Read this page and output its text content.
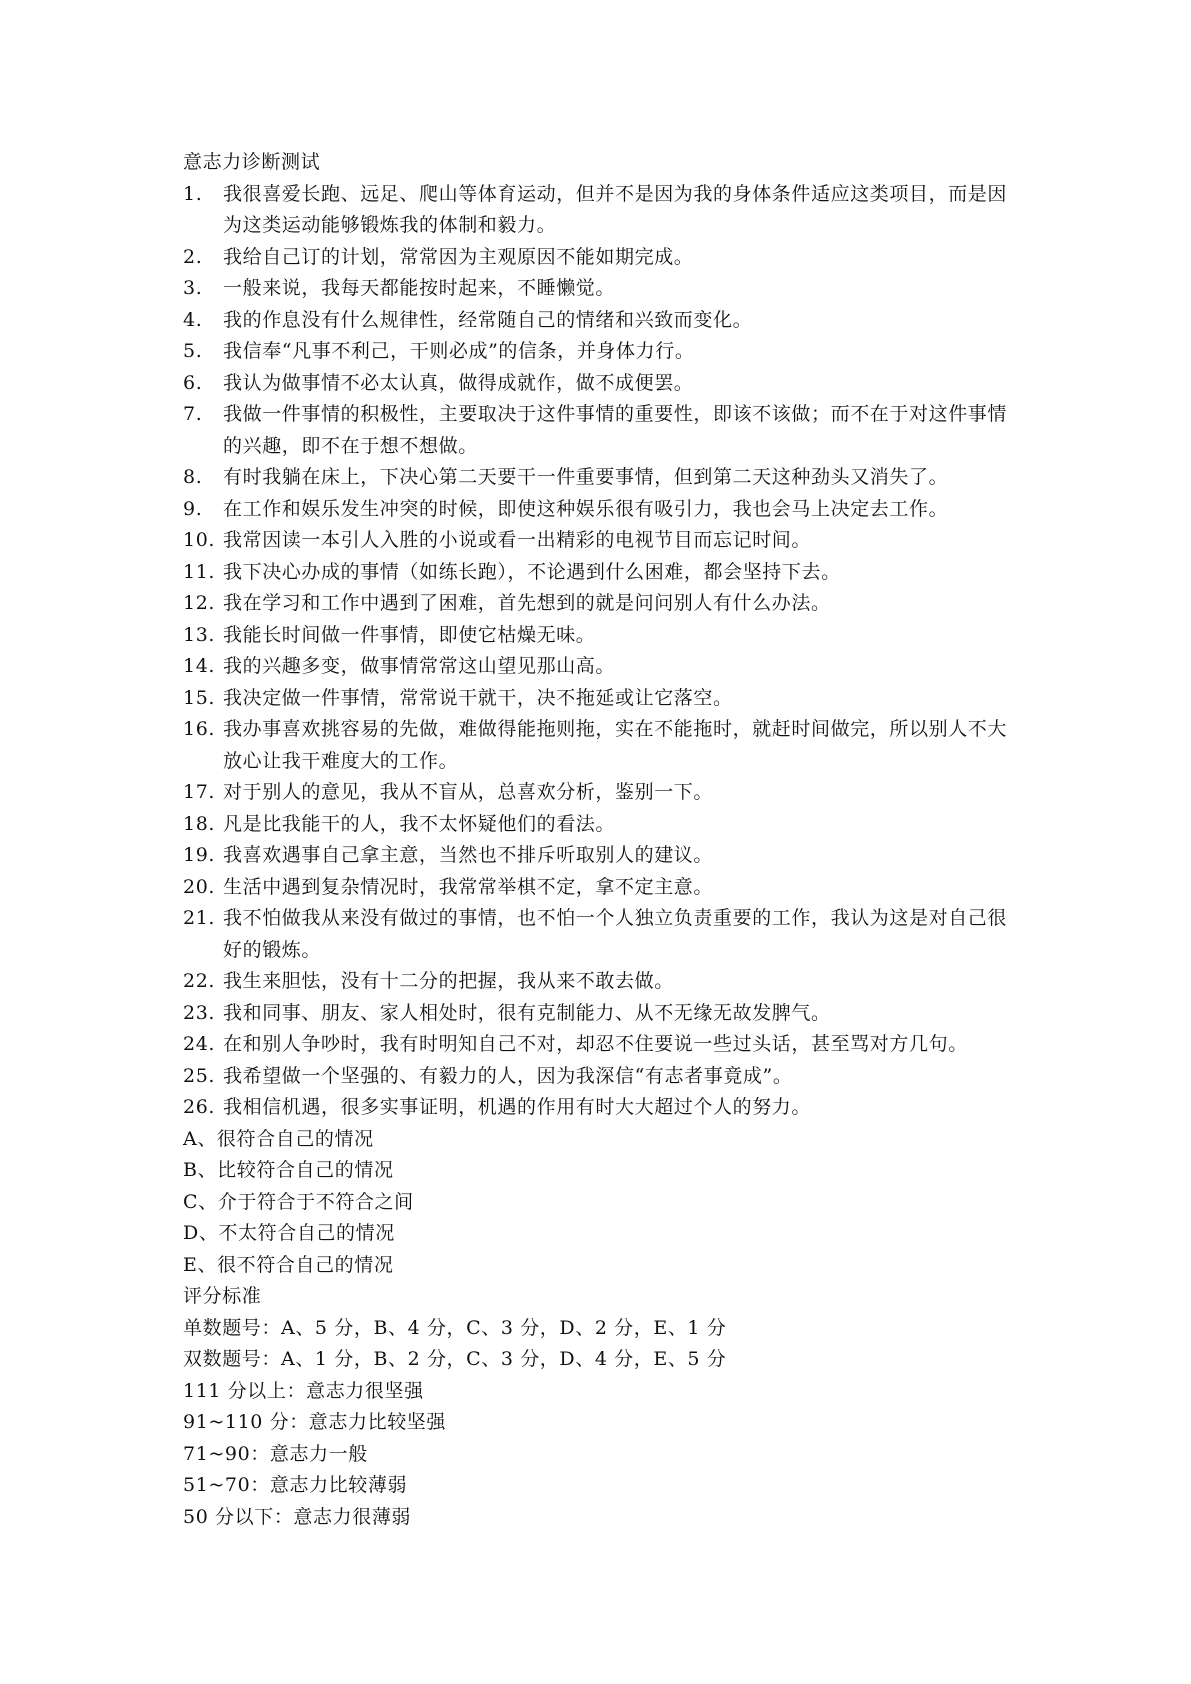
意志力诊断测试
1.	我很喜爱长跑、远足、爬山等体育运动，但并不是因为我的身体条件适应这类项目，而是因为这类运动能够锻炼我的体制和毅力。
2.	我给自己订的计划，常常因为主观原因不能如期完成。
3.	一般来说，我每天都能按时起来，不睡懒觉。
4.	我的作息没有什么规律性，经常随自己的情绪和兴致而变化。
5.	我信奉“凡事不利己，干则必成”的信条，并身体力行。
6.	我认为做事情不必太认真，做得成就作，做不成便罢。
7.	我做一件事情的积极性，主要取决于这件事情的重要性，即该不该做；而不在于对这件事情的兴趣，即不在于想不想做。
8.	有时我躺在床上，下决心第二天要干一件重要事情，但到第二天这种劲头又消失了。
9.	在工作和娱乐发生冲突的时候，即使这种娱乐很有吸引力，我也会马上决定去工作。
10. 我常因读一本引人入胜的小说或看一出精彩的电视节目而忘记时间。
11. 我下决心办成的事情（如练长跑），不论遇到什么困难，都会坚持下去。
12. 我在学习和工作中遇到了困难，首先想到的就是问问别人有什么办法。
13. 我能长时间做一件事情，即使它枯燥无味。
14. 我的兴趣多变，做事情常常这山望见那山高。
15. 我决定做一件事情，常常说干就干，决不拖延或让它落空。
16. 我办事喜欢挑容易的先做，难做得能拖则拖，实在不能拖时，就赶时间做完，所以别人不大放心让我干难度大的工作。
17. 对于别人的意见，我从不盲从，总喜欢分析，鉴别一下。
18. 凡是比我能干的人，我不太怀疑他们的看法。
19. 我喜欢遇事自己拿主意，当然也不排斥听取别人的建议。
20. 生活中遇到复杂情况时，我常常举棋不定，拿不定主意。
21. 我不怕做我从来没有做过的事情，也不怕一个人独立负责重要的工作，我认为这是对自己很好的锻炼。
22. 我生来胆怯，没有十二分的把握，我从来不敢去做。
23. 我和同事、朋友、家人相处时，很有克制能力、从不无缘无故发脾气。
24. 在和别人争吵时，我有时明知自己不对，却忍不住要说一些过头话，甚至骂对方几句。
25. 我希望做一个坚强的、有毅力的人，因为我深信“有志者事竟成”。
26. 我相信机遇，很多实事证明，机遇的作用有时大大超过个人的努力。
A、很符合自己的情况
B、比较符合自己的情况
C、介于符合于不符合之间
D、不太符合自己的情况
E、很不符合自己的情况
评分标准
单数题号：A、5 分，B、4 分，C、3 分，D、2 分，E、1 分
双数题号：A、1 分，B、2 分，C、3 分，D、4 分，E、5 分
111 分以上：意志力很坚强
91~110 分：意志力比较坚强
71~90：意志力一般
51~70：意志力比较薄弱
50 分以下：意志力很薄弱
